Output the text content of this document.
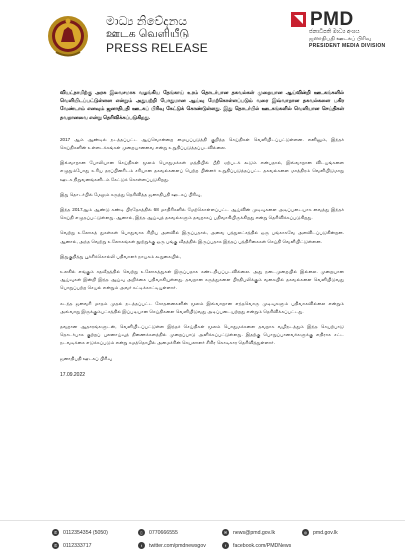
මාධ්‍ය නිවේදනය
ஊடக வெளியீடு
PRESS RELEASE
PMD
ජනාධිපති මාධ්‍ය අංශය
ஜனாதிபதி ஊடகப் பிரிவு
PRESIDENT MEDIA DIVISION

வியட்நாமிற்கு அரசு இலவசமாக வழங்கிய தேங்காய் உரம் தொடர்பான தகவல்கள் முறையான ஆய்வின்றி ஊடகங்களில் வெளியிடப்பட்டுள்ளன என்றும் அதுபற்றி போதுமான ஆய்வு மேற்கொள்ளப்படும் வரை இவ்வாறான தகவல்களை பகிர வேண்டாம் எனவும் ஜனாதிபதி ஊடகப் பிரிவு கேட்டுக் கொண்டுள்ளது. இது தொடர்பில் ஊடகங்களில் வெளியான செய்திகள் தவறானவை என்று தெரிவிக்கப்படுகிறது.

2017 ஆம் ஆண்டில் நடத்தப்பட்ட ஆய்வொன்றை மையப்படுத்தி குறித்த செய்திகள் வெளியிடப்பட்டுள்ளன. எனினும், இந்தச் செய்திகளின் உள்ளடக்கங்கள் முறையானவை என்று உறுதிப்படுத்தப்படவில்லை.

இவ்வாறான போலியான செய்திகள் மூலம் பொதுமக்கள் மத்தியில் பீதி ஏற்படக் கூடும் என்பதால், இவ்வாறான விடயங்களை எழுதும்போது உரிய தரப்பினரிடம் சரியான தகவல்களைப் பெற்ற பின்னர் உறுதிப்படுத்தப்பட்ட தகவல்களை மாத்திரம் வெளியிடுமாறு ஊடக நிறுவனங்களிடம் கேட்டுக் கொள்ளப்படுகிறது.

இது தொடர்பில் மேலும் கருத்து தெரிவித்த ஜனாதிபதி ஊடகப் பிரிவு,

இந்த 2017ஆம் ஆண்டு கண்டி பிரதேசத்தில் 68 மாதிரிகளில் மேற்கொள்ளப்பட்ட ஆய்வின் முடிவுகளை அடிப்படையாக வைத்து இந்தச் செய்தி எழுதப்பட்டுள்ளது. ஆனால், இந்த ஆய்வுத் தகவல்களும் தவறாகப் பதிவாகியிருக்கிறது என்று தெரிவிக்கப்படுகிறது.

வெற்று உலோகத் துகள்கள் பொதுவாக சிறிய அளவில் இருப்பதால், அவை பத்துலட்சத்தில் ஒரு பங்காகவே அளவிடப்படுகின்றன. ஆனால், அந்த வெற்று உலோகங்கள் நூற்றுக்கு ஒரு பங்கு வீதத்தில் இருப்பதாக இந்தப் பத்திரிகைகள் செய்தி வெளியிட்டுள்ளன.

இதுகுறித்து பூச்சிக்கொல்லி பதிவாளர் நாயகம் கூறுகையில்,

உலகில் எங்கும் சதவீதத்தில் வெற்று உலோகத்துகள் இருப்பதாக கண்டறியப்படவில்லை. அது நடைமுறையில் இல்லை. முறையான ஆய்வுகள் இன்றி இந்த ஆய்வு அறிக்கை பதிவாகியுள்ளது. தவறான கருத்துகளை பிரதிபலிக்கும் வகையில் தகவல்களை வெளியிடுவது பொறுப்பற்ற செயல் என்றும் அவர் சுட்டிக்காட்டியுள்ளார்.

கடந்த ஜனவரி மாதம் முதல் நடத்தப்பட்ட சோதனைகளின் மூலம் இவ்வாறான எந்தவொரு முடிவுகளும் பதிவாகவில்லை என்றும் அவ்வாறு இருக்கும்பட்சத்தில் இப்படியான செய்திகளை வெளியிடுவது அடிப்படையற்றது என்றும் தெரிவிக்கப்பட்டது.

தவறான ஆதாரங்களுடன், வெளியிடப்பட்டுள்ள இந்தச் செய்திகள் மூலம் பொதுமக்களை தவறாக வழிநடத்தும் இந்த செயற்பாடு தொடர்பாக குற்றப் புலனாய்வுத் திணைக்களத்தில் முறைப்பாடு அளிக்கப்பட்டுள்ளது. இதற்கு பொறுப்பானவர்களுக்கு எதிராக சட்ட நடவடிக்கை எடுக்கப்படும் என்று கமத்தொழில் அமைச்சின் செயலாளர் சிசிர கொடிகார தெரிவித்துள்ளார்.

ஜனாதிபதி ஊடகப் பிரிவு
17.09.2022
✆	0112354354 (5050)
✆	0112333717
▯	0770666555
t	twitter.com/pmdnewsgov
✉	news@pmd.gov.lk
f	facebook.com/PMDNews
◎	pmd.gov.lk
